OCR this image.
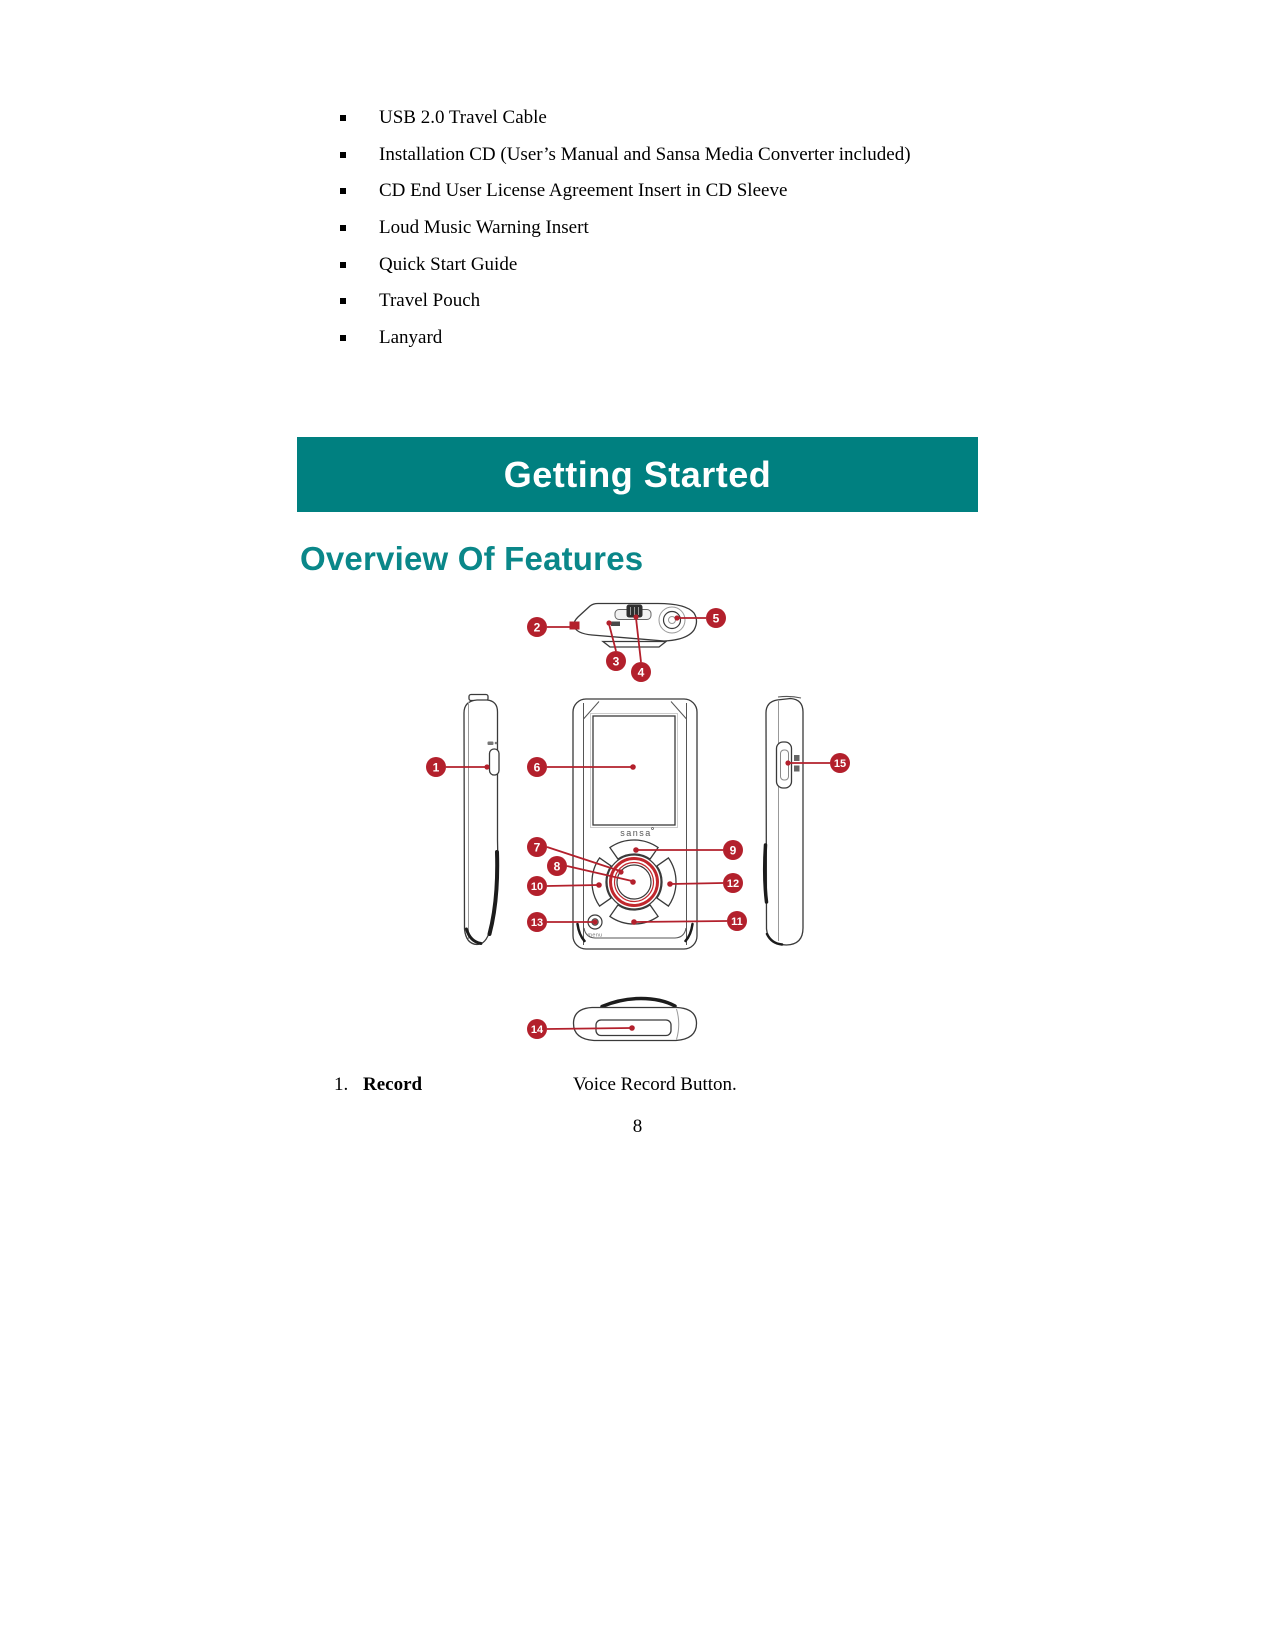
USB 2.0 Travel Cable
Installation CD (User’s Manual and Sansa Media Converter included)
CD End User License Agreement Insert in CD Sleeve
Loud Music Warning Insert
Quick Start Guide
Travel Pouch
Lanyard
Getting Started
Overview Of Features
sansa
menu
1
2
3
4
5
6
7
8
9
10
11
12
13
14
15
1. Record	Voice Record Button.
8
